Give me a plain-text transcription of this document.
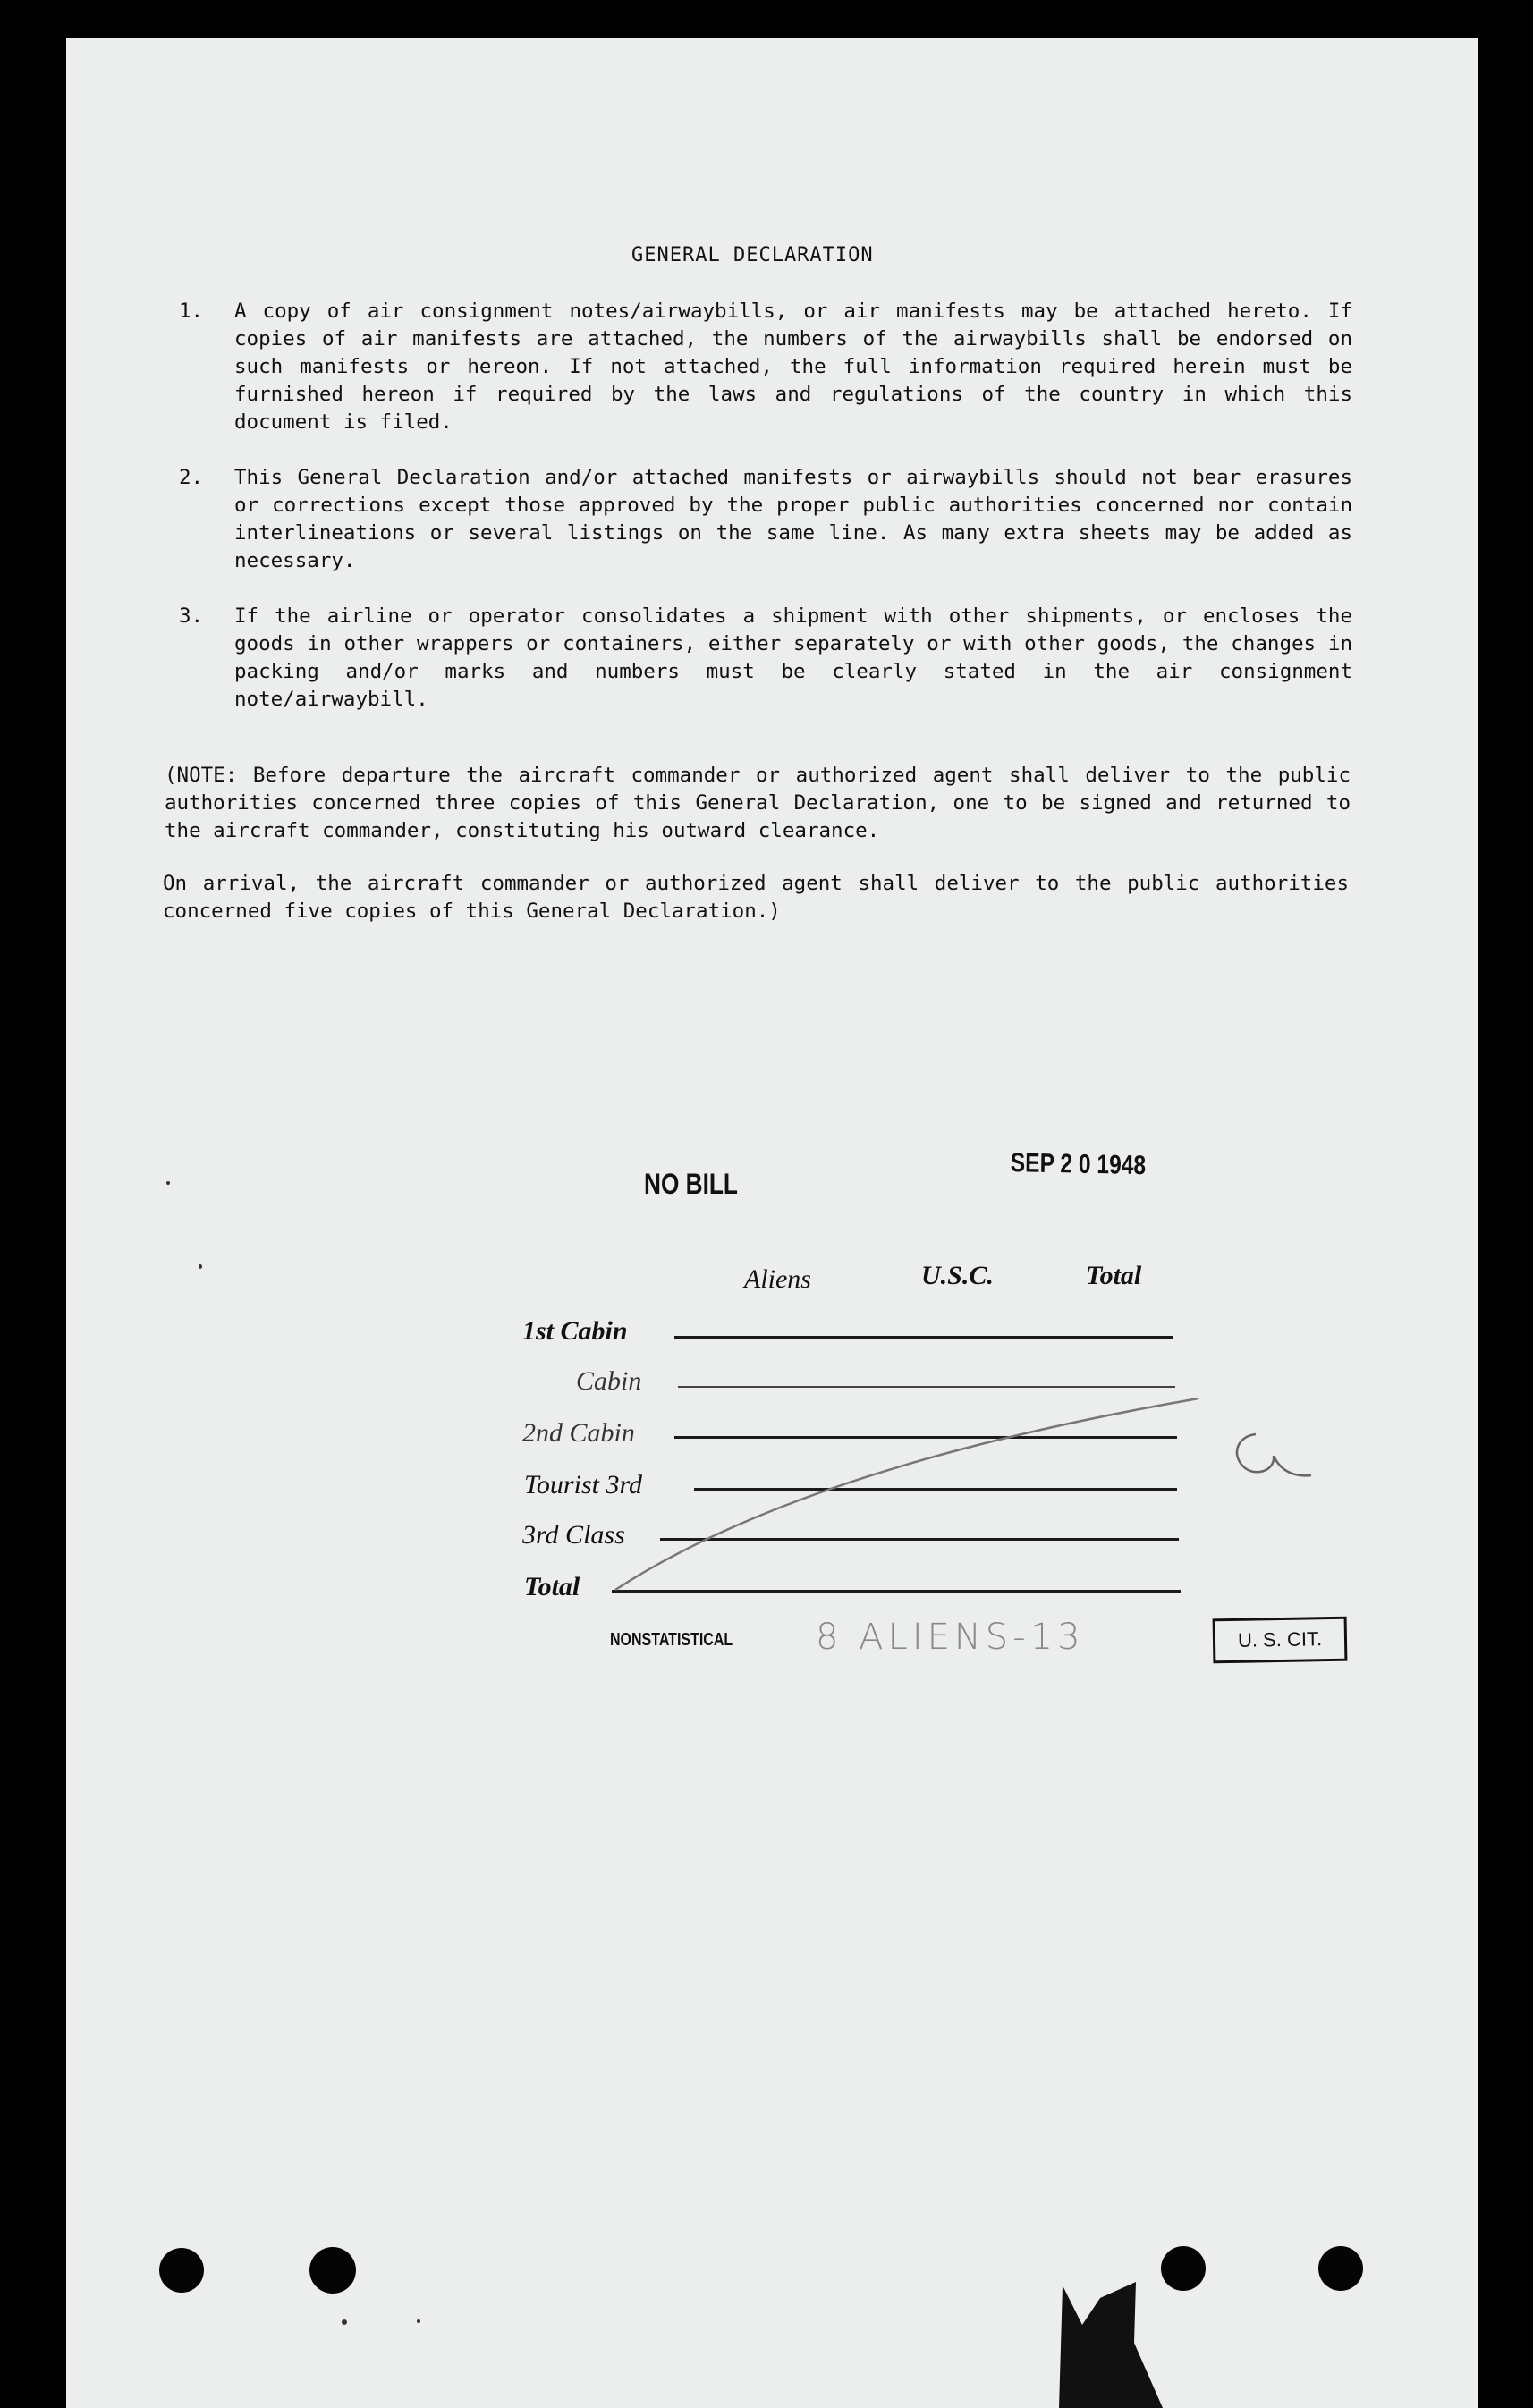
GENERAL DECLARATION
1. A copy of air consignment notes/airwaybills, or air manifests may be attached hereto. If copies of air manifests are attached, the numbers of the airwaybills shall be endorsed on such manifests or hereon. If not attached, the full information required herein must be furnished hereon if required by the laws and regulations of the country in which this document is filed.
2. This General Declaration and/or attached manifests or airwaybills should not bear erasures or corrections except those approved by the proper public authorities concerned nor contain interlineations or several listings on the same line. As many extra sheets may be added as necessary.
3. If the airline or operator consolidates a shipment with other shipments, or encloses the goods in other wrappers or containers, either separately or with other goods, the changes in packing and/or marks and numbers must be clearly stated in the air consignment note/airwaybill.
(NOTE: Before departure the aircraft commander or authorized agent shall deliver to the public authorities concerned three copies of this General Declaration, one to be signed and returned to the aircraft commander, constituting his outward clearance.
On arrival, the aircraft commander or authorized agent shall deliver to the public authorities concerned five copies of this General Declaration.)
NO BILL
SEP 2 0 1948
Aliens	U.S.C.	Total
1st Cabin
Cabin
2nd Cabin
Tourist 3rd
3rd Class
Total
NONSTATISTICAL 8 ALIENS-13	U. S. CIT.
